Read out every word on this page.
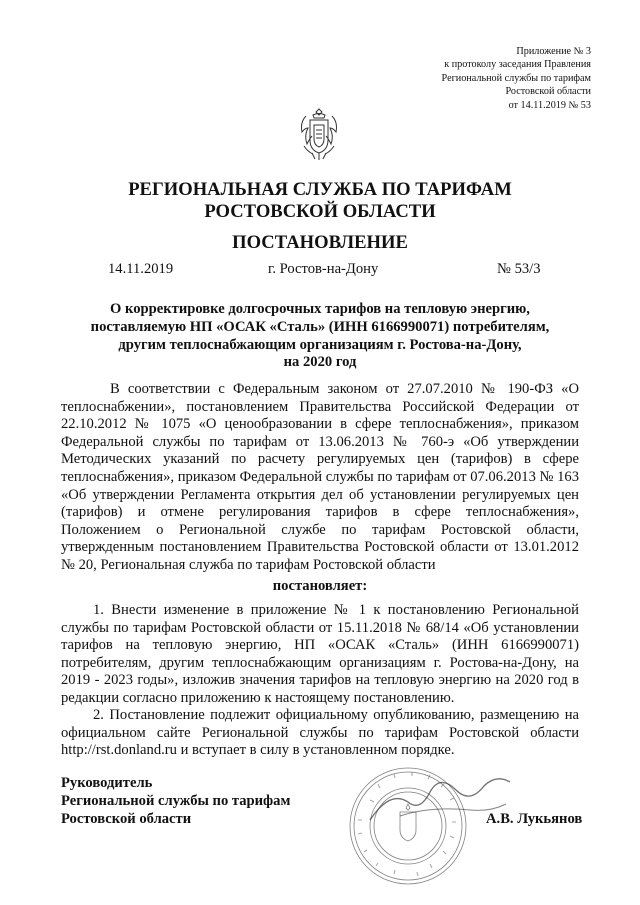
Приложение № 3
к протоколу заседания Правления
Региональной службы по тарифам
Ростовской области
от 14.11.2019 № 53
РЕГИОНАЛЬНАЯ СЛУЖБА ПО ТАРИФАМ
РОСТОВСКОЙ ОБЛАСТИ
ПОСТАНОВЛЕНИЕ
14.11.2019	г. Ростов-на-Дону	№ 53/3
О корректировке долгосрочных тарифов на тепловую энергию,
поставляемую НП «ОСАК «Сталь» (ИНН 6166990071) потребителям,
другим теплоснабжающим организациям г. Ростова-на-Дону,
на 2020 год
В соответствии с Федеральным законом от 27.07.2010 № 190-ФЗ «О теплоснабжении», постановлением Правительства Российской Федерации от 22.10.2012 № 1075 «О ценообразовании в сфере теплоснабжения», приказом Федеральной службы по тарифам от 13.06.2013 № 760-э «Об утверждении Методических указаний по расчету регулируемых цен (тарифов) в сфере теплоснабжения», приказом Федеральной службы по тарифам от 07.06.2013 № 163 «Об утверждении Регламента открытия дел об установлении регулируемых цен (тарифов) и отмене регулирования тарифов в сфере теплоснабжения», Положением о Региональной службе по тарифам Ростовской области, утвержденным постановлением Правительства Ростовской области от 13.01.2012 № 20, Региональная служба по тарифам Ростовской области
постановляет:
1. Внести изменение в приложение № 1 к постановлению Региональной службы по тарифам Ростовской области от 15.11.2018 № 68/14 «Об установлении тарифов на тепловую энергию, НП «ОСАК «Сталь» (ИНН 6166990071) потребителям, другим теплоснабжающим организациям г. Ростова-на-Дону, на 2019 - 2023 годы», изложив значения тарифов на тепловую энергию на 2020 год в редакции согласно приложению к настоящему постановлению.
2. Постановление подлежит официальному опубликованию, размещению на официальном сайте Региональной службы по тарифам Ростовской области http://rst.donland.ru и вступает в силу в установленном порядке.
Руководитель
Региональной службы по тарифам
Ростовской области	А.В. Лукьянов
